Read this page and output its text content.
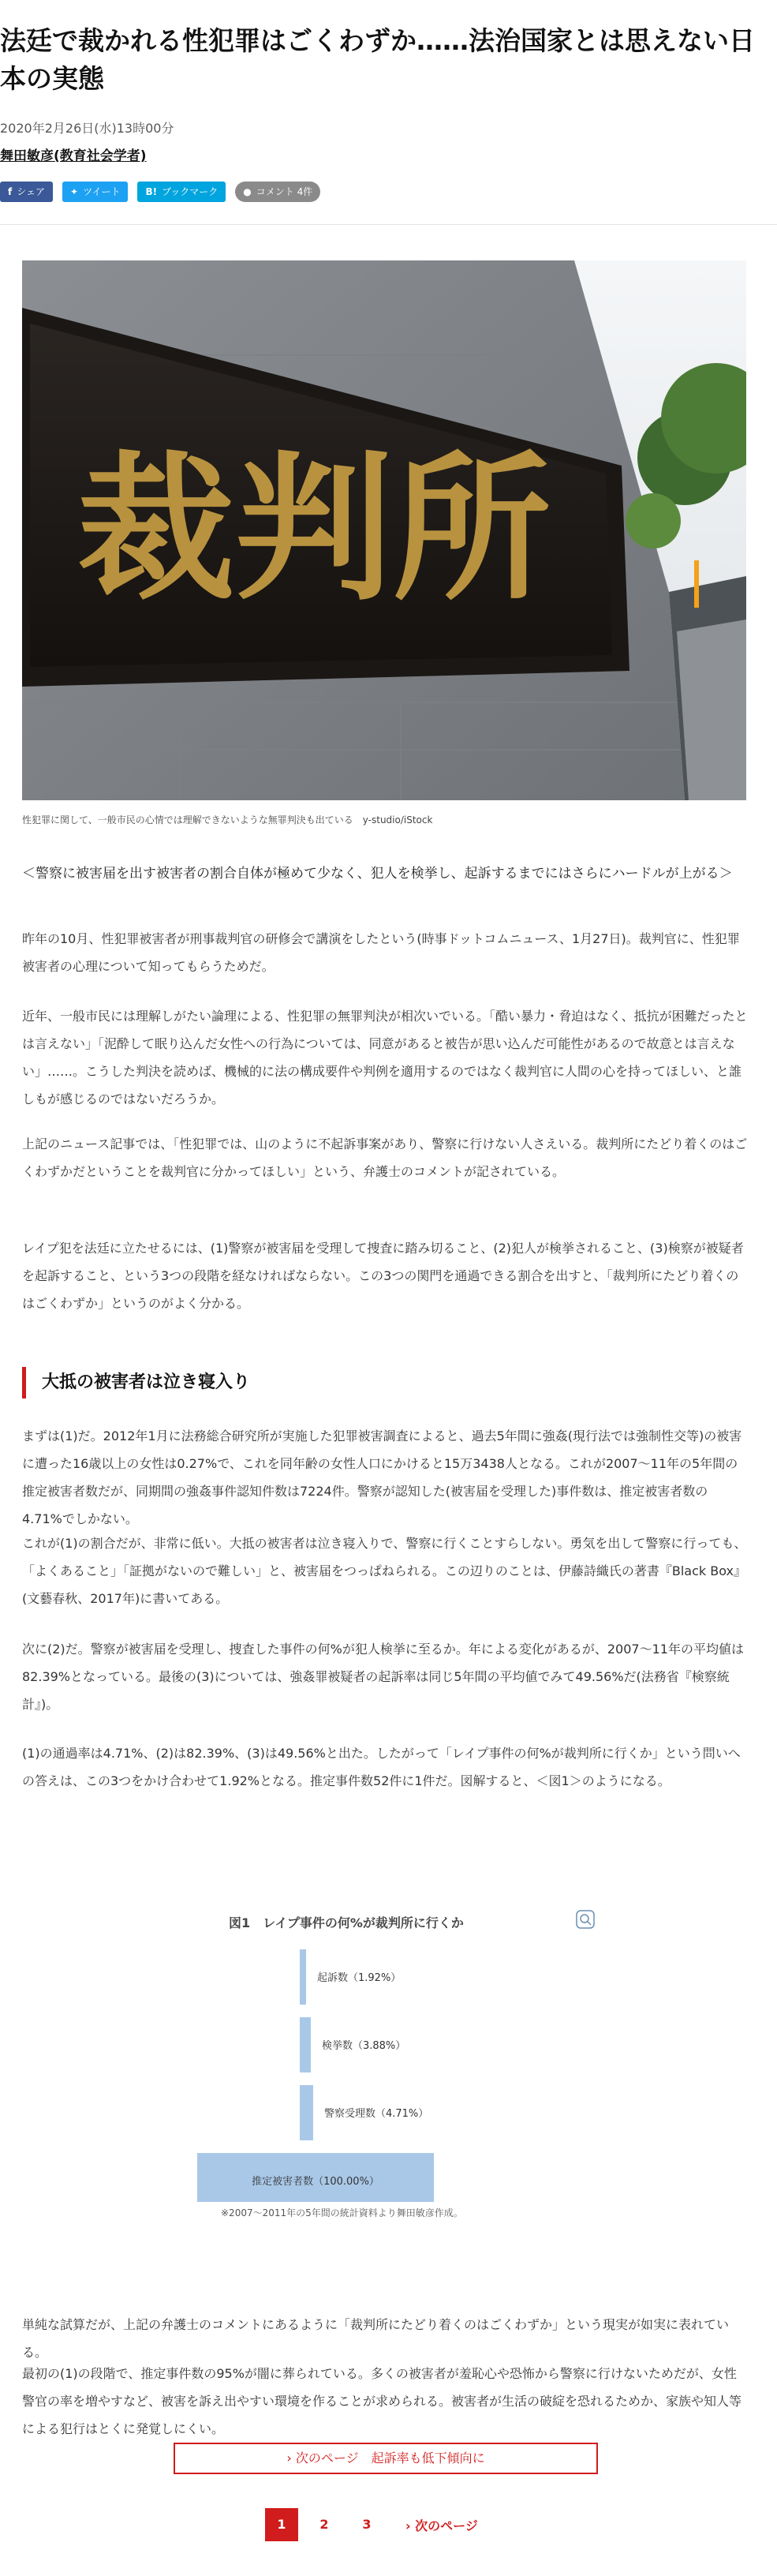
法廷で裁かれる性犯罪はごくわずか……法治国家とは思えない日本の実態
2020年2月26日(水)13時00分
舞田敏彦(教育社会学者)
f シェア	✦ ツイート	B! ブックマーク	● コメント 4件
裁判所
性犯罪に関して、一般市民の心情では理解できないような無罪判決も出ている　y-studio/iStock

＜警察に被害届を出す被害者の割合自体が極めて少なく、犯人を検挙し、起訴するまでにはさらにハードルが上がる＞

昨年の10月、性犯罪被害者が刑事裁判官の研修会で講演をしたという(時事ドットコムニュース、1月27日)。裁判官に、性犯罪被害者の心理について知ってもらうためだ。

近年、一般市民には理解しがたい論理による、性犯罪の無罪判決が相次いでいる。「酷い暴力・脅迫はなく、抵抗が困難だったとは言えない」「泥酔して眠り込んだ女性への行為については、同意があると被告が思い込んだ可能性があるので故意とは言えない」……。こうした判決を読めば、機械的に法の構成要件や判例を適用するのではなく裁判官に人間の心を持ってほしい、と誰しもが感じるのではないだろうか。

上記のニュース記事では、「性犯罪では、山のように不起訴事案があり、警察に行けない人さえいる。裁判所にたどり着くのはごくわずかだということを裁判官に分かってほしい」という、弁護士のコメントが記されている。

レイプ犯を法廷に立たせるには、(1)警察が被害届を受理して捜査に踏み切ること、(2)犯人が検挙されること、(3)検察が被疑者を起訴すること、という3つの段階を経なければならない。この3つの関門を通過できる割合を出すと、「裁判所にたどり着くのはごくわずか」というのがよく分かる。

大抵の被害者は泣き寝入り

まずは(1)だ。2012年1月に法務総合研究所が実施した犯罪被害調査によると、過去5年間に強姦(現行法では強制性交等)の被害に遭った16歳以上の女性は0.27%で、これを同年齢の女性人口にかけると15万3438人となる。これが2007～11年の5年間の推定被害者数だが、同期間の強姦事件認知件数は7224件。警察が認知した(被害届を受理した)事件数は、推定被害者数の4.71%でしかない。

これが(1)の割合だが、非常に低い。大抵の被害者は泣き寝入りで、警察に行くことすらしない。勇気を出して警察に行っても、「よくあること」「証拠がないので難しい」と、被害届をつっぱねられる。この辺りのことは、伊藤詩織氏の著書『Black Box』(文藝春秋、2017年)に書いてある。

次に(2)だ。警察が被害届を受理し、捜査した事件の何%が犯人検挙に至るか。年による変化があるが、2007～11年の平均値は82.39%となっている。最後の(3)については、強姦罪被疑者の起訴率は同じ5年間の平均値でみて49.56%だ(法務省『検察統計』)。

(1)の通過率は4.71%、(2)は82.39%、(3)は49.56%と出た。したがって「レイプ事件の何%が裁判所に行くか」という問いへの答えは、この3つをかけ合わせて1.92%となる。推定事件数52件に1件だ。図解すると、＜図1＞のようになる。

図1　レイプ事件の何%が裁判所に行くか
起訴数（1.92%）
検挙数（3.88%）
警察受理数（4.71%）
推定被害者数（100.00%）
※2007～2011年の5年間の統計資料より舞田敏彦作成。

単純な試算だが、上記の弁護士のコメントにあるように「裁判所にたどり着くのはごくわずか」という現実が如実に表れている。

最初の(1)の段階で、推定事件数の95%が闇に葬られている。多くの被害者が羞恥心や恐怖から警察に行けないためだが、女性警官の率を増やすなど、被害を訴え出やすい環境を作ることが求められる。被害者が生活の破綻を恐れるためか、家族や知人等による犯行はとくに発覚しにくい。

› 次のページ　起訴率も低下傾向に
1	2	3	› 次のページ
